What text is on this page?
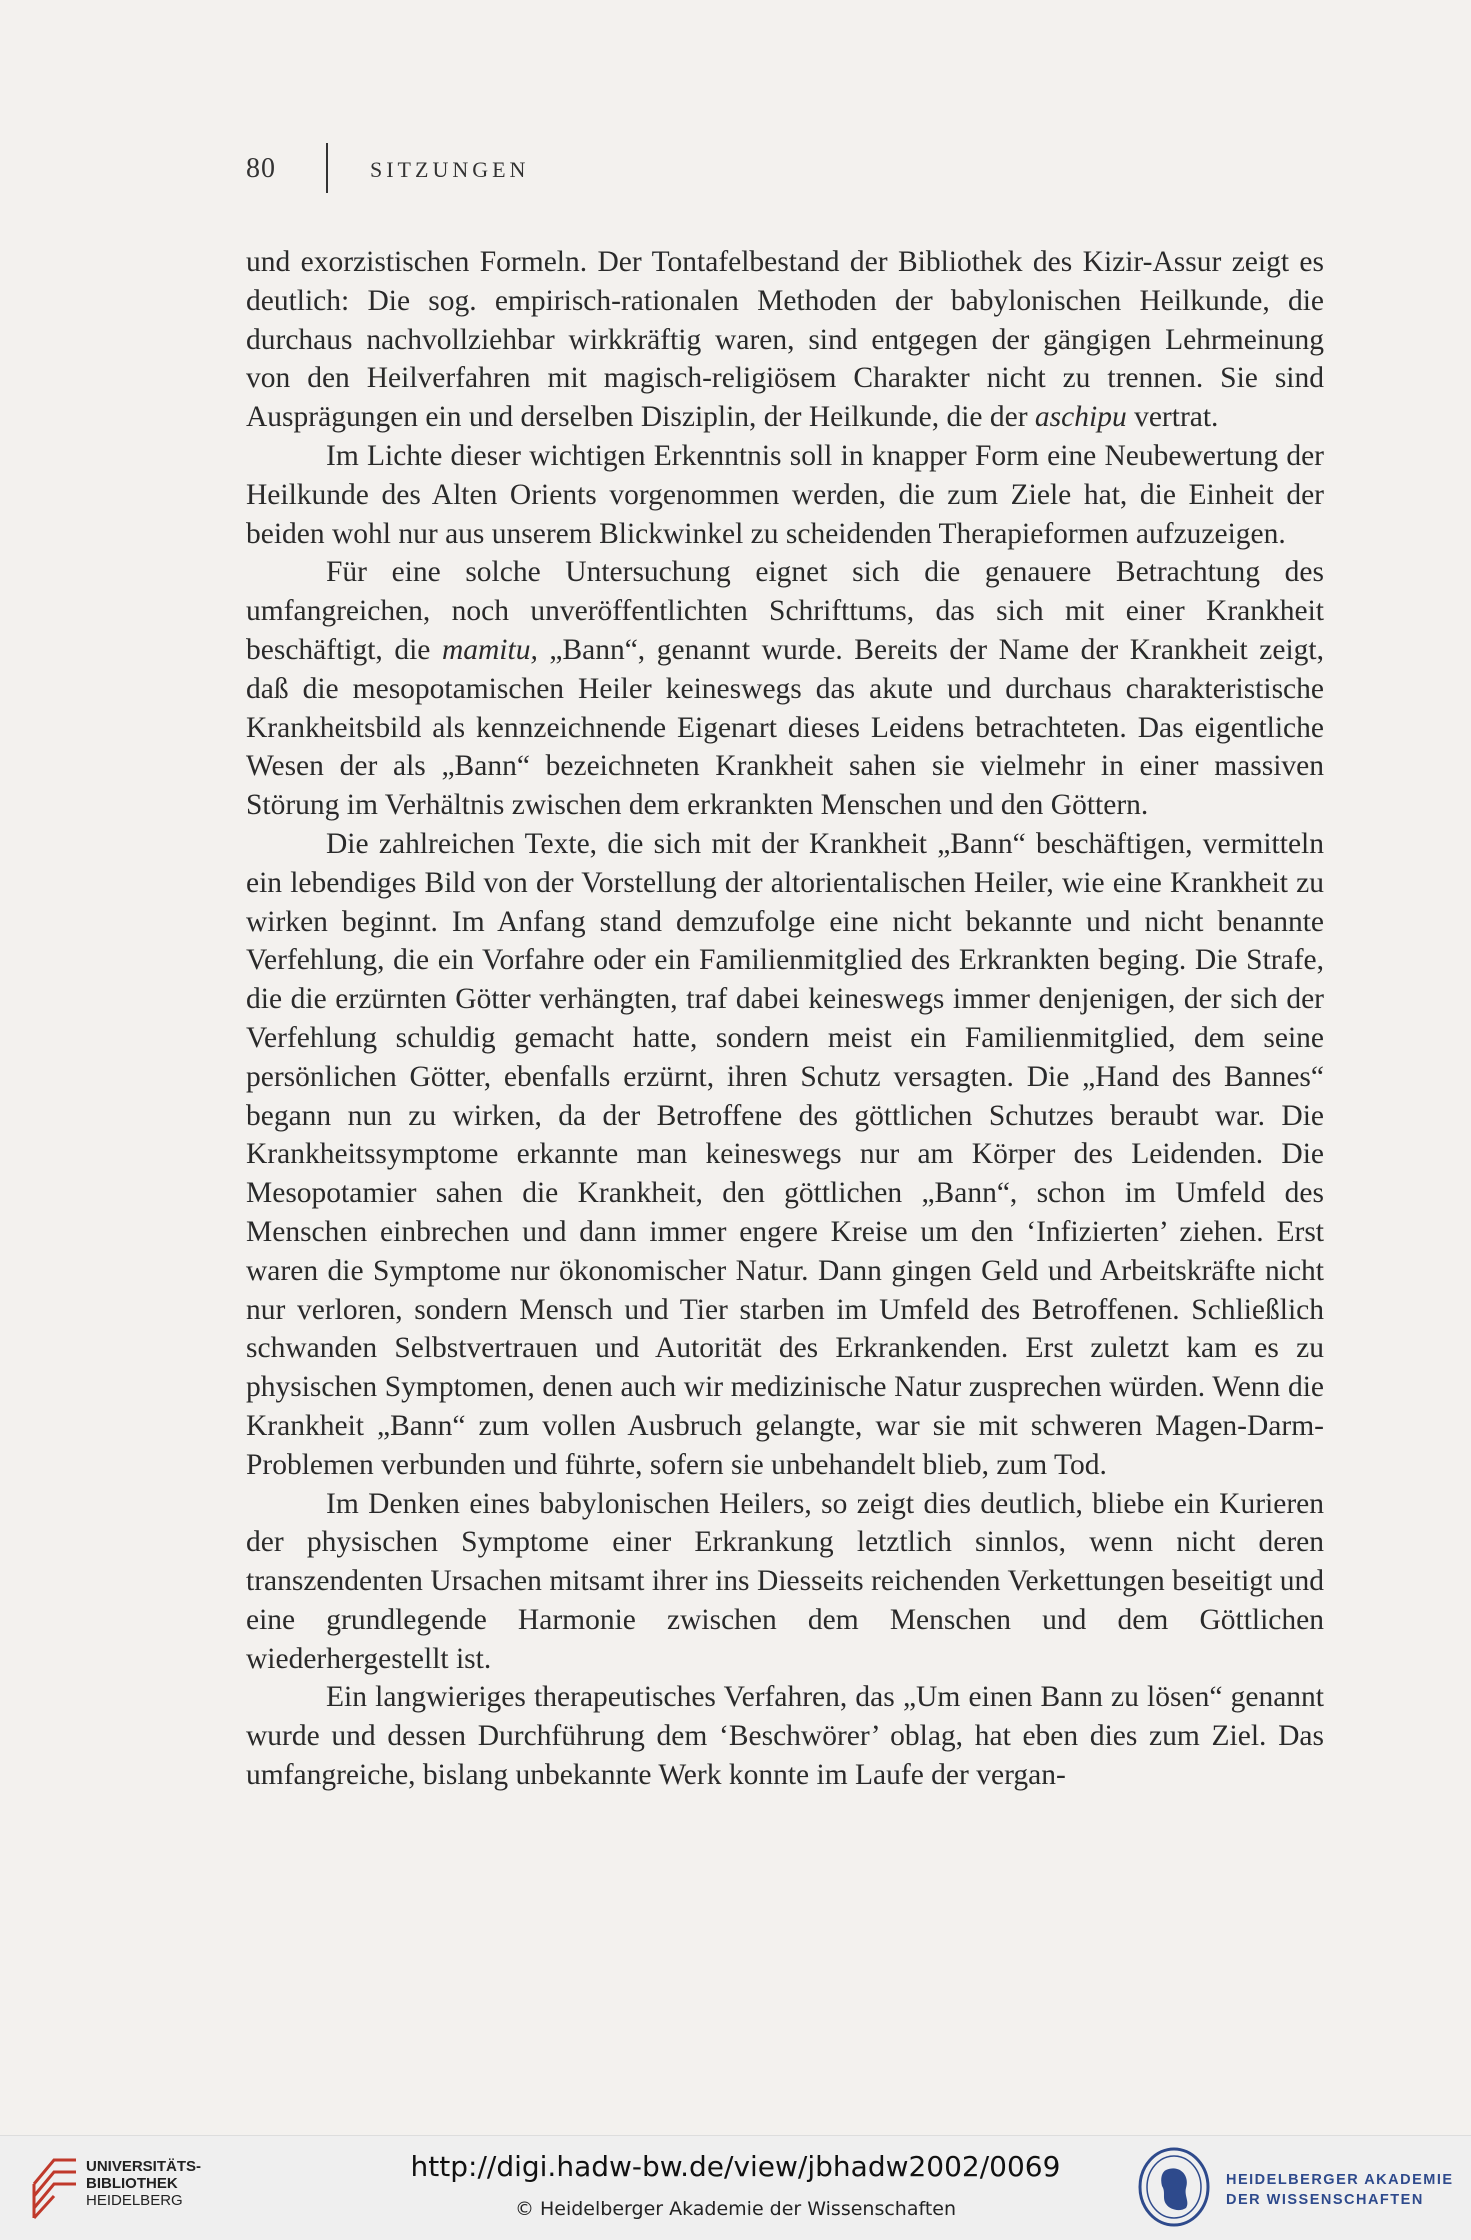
80	SITZUNGEN

und exorzistischen Formeln. Der Tontafelbestand der Bibliothek des Kizir-Assur zeigt es deutlich: Die sog. empirisch-rationalen Methoden der babylonischen Heilkunde, die durchaus nachvollziehbar wirkkräftig waren, sind entgegen der gängigen Lehrmeinung von den Heilverfahren mit magisch-religiösem Charakter nicht zu trennen. Sie sind Ausprägungen ein und derselben Disziplin, der Heilkunde, die der aschipu vertrat.

Im Lichte dieser wichtigen Erkenntnis soll in knapper Form eine Neubewertung der Heilkunde des Alten Orients vorgenommen werden, die zum Ziele hat, die Einheit der beiden wohl nur aus unserem Blickwinkel zu scheidenden Therapieformen aufzuzeigen.

Für eine solche Untersuchung eignet sich die genauere Betrachtung des umfangreichen, noch unveröffentlichten Schrifttums, das sich mit einer Krankheit beschäftigt, die mamitu, „Bann“, genannt wurde. Bereits der Name der Krankheit zeigt, daß die mesopotamischen Heiler keineswegs das akute und durchaus charakteristische Krankheitsbild als kennzeichnende Eigenart dieses Leidens betrachteten. Das eigentliche Wesen der als „Bann“ bezeichneten Krankheit sahen sie vielmehr in einer massiven Störung im Verhältnis zwischen dem erkrankten Menschen und den Göttern.

Die zahlreichen Texte, die sich mit der Krankheit „Bann“ beschäftigen, vermitteln ein lebendiges Bild von der Vorstellung der altorientalischen Heiler, wie eine Krankheit zu wirken beginnt. Im Anfang stand demzufolge eine nicht bekannte und nicht benannte Verfehlung, die ein Vorfahre oder ein Familienmitglied des Erkrankten beging. Die Strafe, die die erzürnten Götter verhängten, traf dabei keineswegs immer denjenigen, der sich der Verfehlung schuldig gemacht hatte, sondern meist ein Familienmitglied, dem seine persönlichen Götter, ebenfalls erzürnt, ihren Schutz versagten. Die „Hand des Bannes“ begann nun zu wirken, da der Betroffene des göttlichen Schutzes beraubt war. Die Krankheitssymptome erkannte man keineswegs nur am Körper des Leidenden. Die Mesopotamier sahen die Krankheit, den göttlichen „Bann“, schon im Umfeld des Menschen einbrechen und dann immer engere Kreise um den ‘Infizierten’ ziehen. Erst waren die Symptome nur ökonomischer Natur. Dann gingen Geld und Arbeitskräfte nicht nur verloren, sondern Mensch und Tier starben im Umfeld des Betroffenen. Schließlich schwanden Selbstvertrauen und Autorität des Erkrankenden. Erst zuletzt kam es zu physischen Symptomen, denen auch wir medizinische Natur zusprechen würden. Wenn die Krankheit „Bann“ zum vollen Ausbruch gelangte, war sie mit schweren Magen-Darm-Problemen verbunden und führte, sofern sie unbehandelt blieb, zum Tod.

Im Denken eines babylonischen Heilers, so zeigt dies deutlich, bliebe ein Kurieren der physischen Symptome einer Erkrankung letztlich sinnlos, wenn nicht deren transzendenten Ursachen mitsamt ihrer ins Diesseits reichenden Verkettungen beseitigt und eine grundlegende Harmonie zwischen dem Menschen und dem Göttlichen wiederhergestellt ist.

Ein langwieriges therapeutisches Verfahren, das „Um einen Bann zu lösen“ genannt wurde und dessen Durchführung dem ‘Beschwörer’ oblag, hat eben dies zum Ziel. Das umfangreiche, bislang unbekannte Werk konnte im Laufe der vergan-

UNIVERSITÄTS-
BIBLIOTHEK
HEIDELBERG
http://digi.hadw-bw.de/view/jbhadw2002/0069
© Heidelberger Akademie der Wissenschaften
HEIDELBERGER AKADEMIE
DER WISSENSCHAFTEN
